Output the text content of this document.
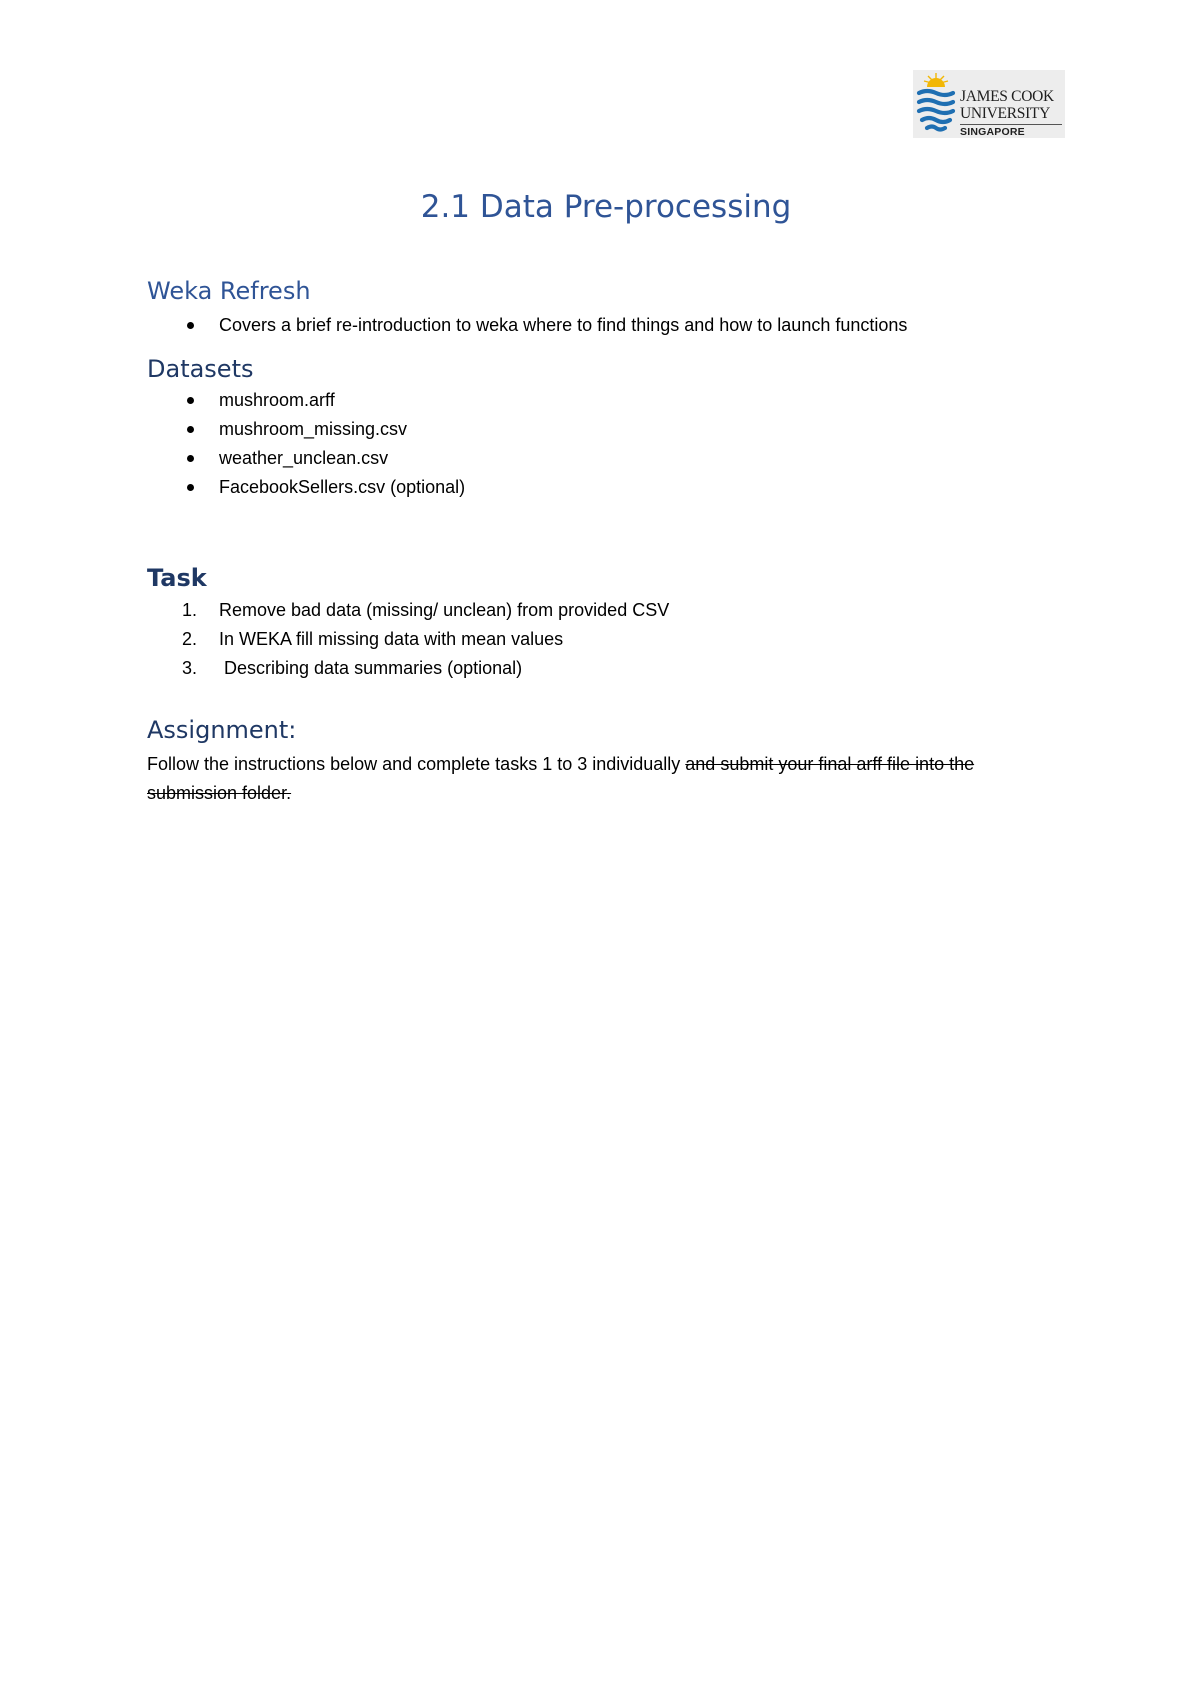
JAMES COOK
UNIVERSITY
SINGAPORE
2.1 Data Pre-processing
Weka Refresh
Covers a brief re-introduction to weka where to find things and how to launch functions
Datasets
mushroom.arff
mushroom_missing.csv
weather_unclean.csv
FacebookSellers.csv (optional)
Task
1. Remove bad data (missing/ unclean) from provided CSV
2. In WEKA fill missing data with mean values
3. Describing data summaries (optional)
Assignment:
Follow the instructions below and complete tasks 1 to 3 individually and submit your final arff file into the submission folder.
